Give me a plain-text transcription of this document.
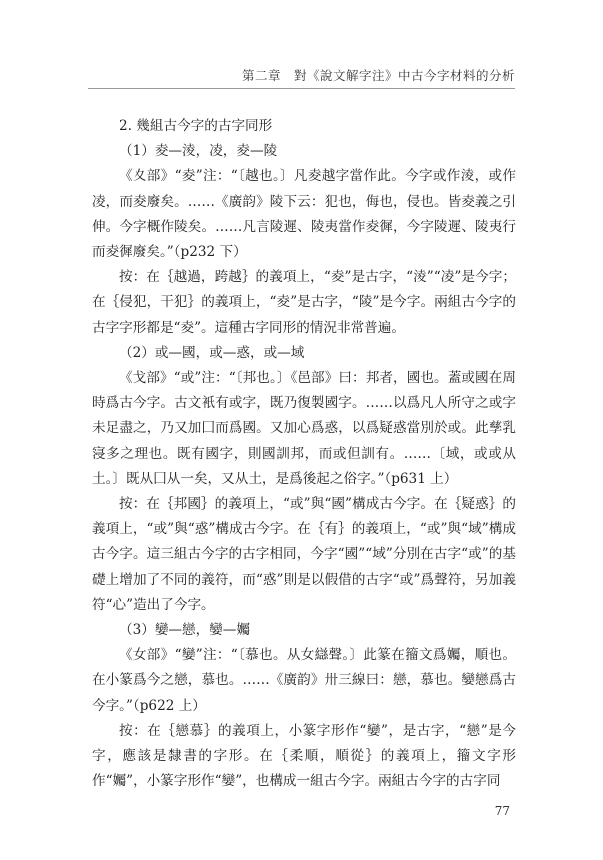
第二章　對《說文解字注》中古今字材料的分析

2. 幾組古今字的古字同形

（1）夌—淩，凌，夌—陵

《夊部》“夌”注：“〔越也。〕凡夌越字當作此。今字或作淩，或作凌，而夌廢矣。……《廣韵》陵下云：犯也，侮也，侵也。皆夌義之引伸。今字概作陵矣。……凡言陵遲、陵夷當作夌徲，今字陵遲、陵夷行而夌徲廢矣。”（p232 下）

按：在｛越過，跨越｝的義項上，“夌”是古字，“淩”“凌”是今字；在｛侵犯，干犯｝的義項上，“夌”是古字，“陵”是今字。兩組古今字的古字字形都是“夌”。這種古字同形的情況非常普遍。

（2）或—國，或—惑，或—域

《戈部》“或”注：“〔邦也。〕《邑部》曰：邦者，國也。蓋或國在周時爲古今字。古文衹有或字，既乃復製國字。……以爲凡人所守之或字未足盡之，乃又加囗而爲國。又加心爲惑，以爲疑惑當別於或。此孳乳寖多之理也。既有國字，則國訓邦，而或但訓有。……〔域，或或从土。〕既从囗从一矣，又从土，是爲後起之俗字。”（p631 上）

按：在｛邦國｝的義項上，“或”與“國”構成古今字。在｛疑惑｝的義項上，“或”與“惑”構成古今字。在｛有｝的義項上，“或”與“域”構成古今字。這三組古今字的古字相同，今字“國”“域”分別在古字“或”的基礎上增加了不同的義符，而“惑”則是以假借的古字“或”爲聲符，另加義符“心”造出了今字。

（3）孌—戀，孌—孎

《女部》“孌”注：“〔慕也。从女䜌聲。〕此篆在籀文爲孎，順也。在小篆爲今之戀，慕也。……《廣韵》卅三線曰：戀，慕也。孌戀爲古今字。”（p622 上）

按：在｛戀慕｝的義項上，小篆字形作“孌”，是古字，“戀”是今字，應該是隸書的字形。在｛柔順，順從｝的義項上，籀文字形作“孎”，小篆字形作“孌”，也構成一組古今字。兩組古今字的古字同

77
